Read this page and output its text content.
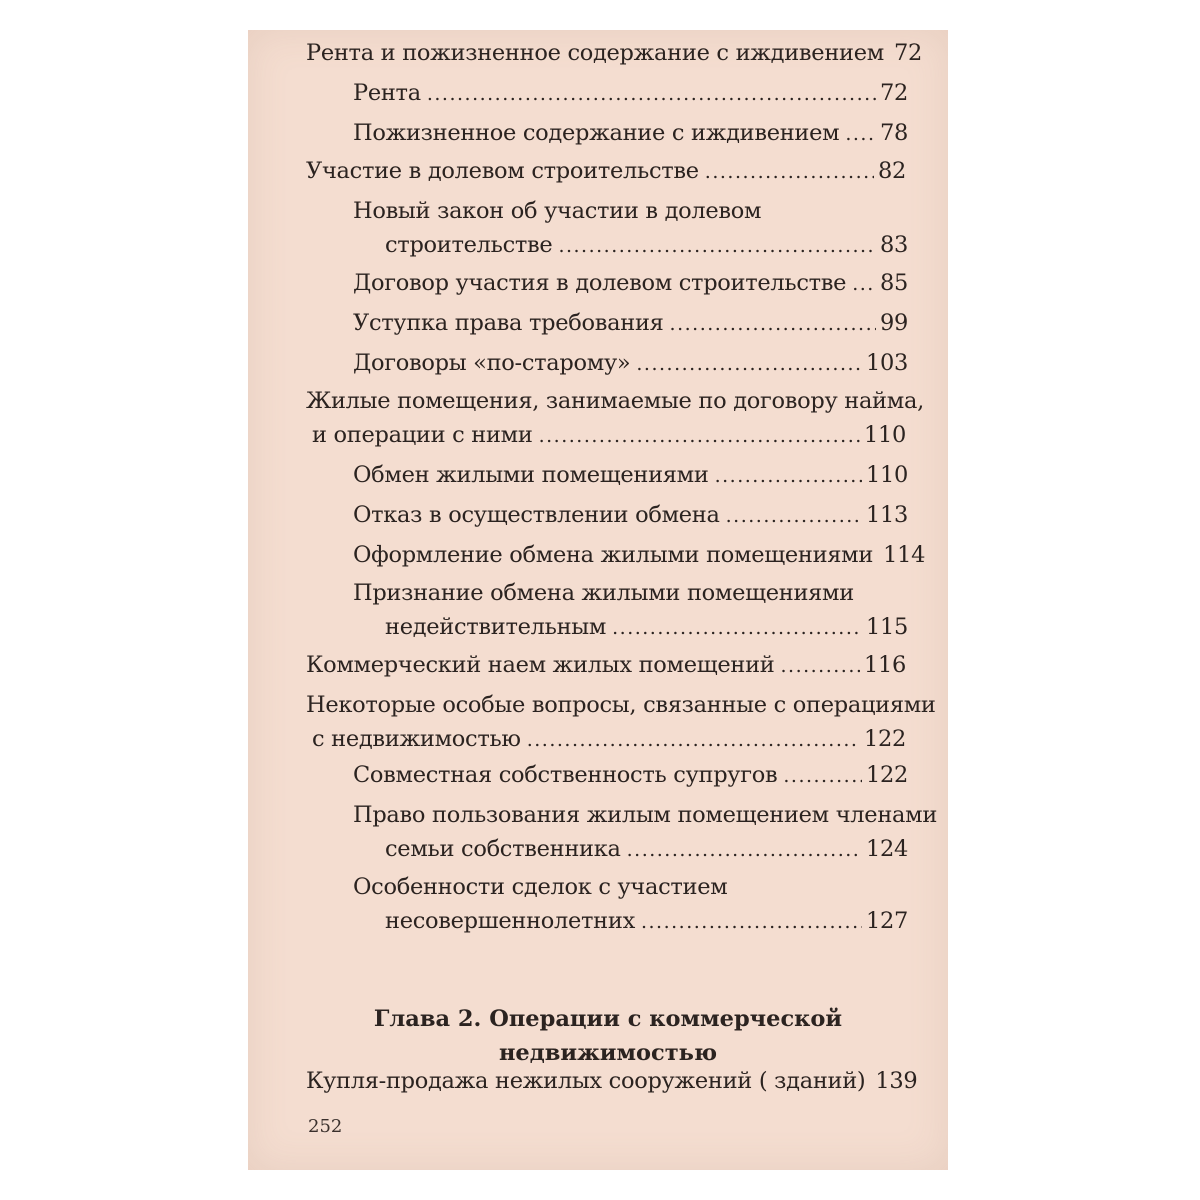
Рента и пожизненное содержание с иждивением 72
Рента .....	72
Пожизненное содержание с иждивением ..... 78
Участие в долевом строительстве .....	82
Новый закон об участии в долевом
строительстве .....	83
Договор участия в долевом строительстве ..... 85
Уступка права требования .....	99
Договоры «по-старому» .....	103
Жилые помещения, занимаемые по договору найма,
и операции с ними .....	110
Обмен жилыми помещениями .....	110
Отказ в осуществлении обмена .....	113
Оформление обмена жилыми помещениями 114
Признание обмена жилыми помещениями
недействительным .....	115
Коммерческий наем жилых помещений .....	116
Некоторые особые вопросы, связанные с операциями
с недвижимостью .....	122
Совместная собственность супругов .....	122
Право пользования жилым помещением членами
семьи собственника .....	124
Особенности сделок с участием
несовершеннолетних .....	127
Глава 2. Операции с коммерческой
недвижимостью
Купля-продажа нежилых сооружений ( зданий) 139
252
